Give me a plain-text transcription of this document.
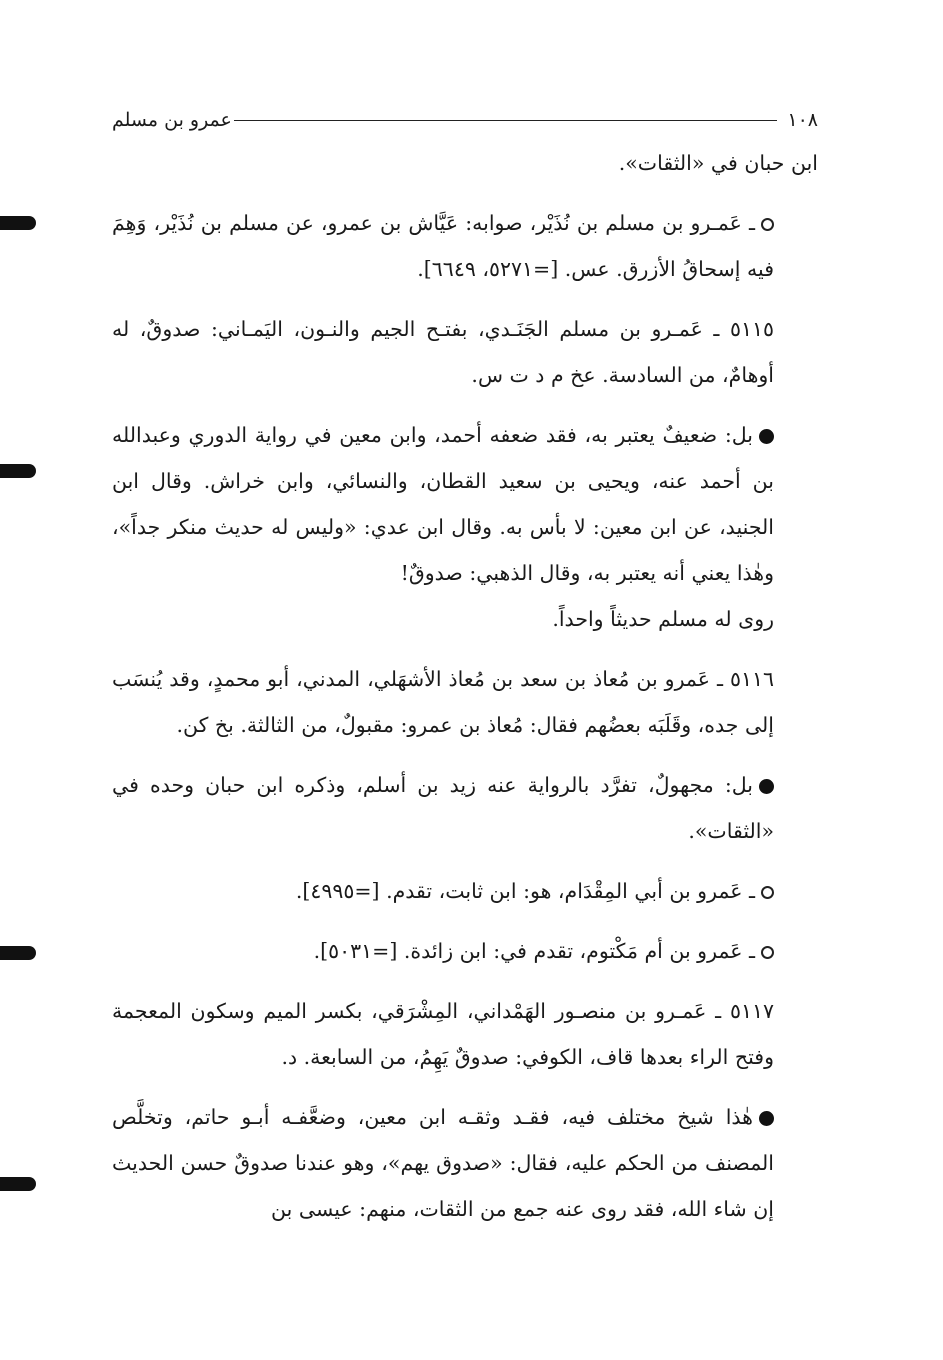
١٠٨
عمرو بن مسلم

ابن حبان في «الثقات».

ـ عَمـرو بن مسلم بن نُذَيْر، صوابه: عَيَّاش بن عمرو، عن مسلم بن نُذَيْر، وَهِمَ فيه إسحاقُ الأزرق. عس. [=٥٢٧١، ٦٦٤٩].

٥١١٥ ـ عَمـرو بن مسلم الجَنَـدي، بفتـح الجيم والنـون، اليَمـاني: صدوقٌ، له أوهامٌ، من السادسة. عخ م د ت س.

بل: ضعيفٌ يعتبر به، فقد ضعفه أحمد، وابن معين في رواية الدوري وعبدالله بن أحمد عنه، ويحيى بن سعيد القطان، والنسائي، وابن خراش. وقال ابن الجنيد، عن ابن معين: لا بأس به. وقال ابن عدي: «وليس له حديث منكر جداً»، وهٰذا يعني أنه يعتبر به، وقال الذهبي: صدوقٌ!

روى له مسلم حديثاً واحداً.

٥١١٦ ـ عَمرو بن مُعاذ بن سعد بن مُعاذ الأشهَلي، المدني، أبو محمدٍ، وقد يُنسَب إلى جده، وقَلَبَه بعضُهم فقال: مُعاذ بن عمرو: مقبولٌ، من الثالثة. بخ كن.

بل: مجهولٌ، تفرَّد بالرواية عنه زيد بن أسلم، وذكره ابن حبان وحده في «الثقات».

ـ عَمرو بن أبي المِقْدَام، هو: ابن ثابت، تقدم. [=٤٩٩٥].

ـ عَمرو بن أم مَكْتوم، تقدم في: ابن زائدة. [=٥٠٣١].

٥١١٧ ـ عَمـرو بن منصـور الهَمْداني، المِشْرَقي، بكسر الميم وسكون المعجمة وفتح الراء بعدها قاف، الكوفي: صدوقٌ يَهِمُ، من السابعة. د.

هٰذا شيخ مختلف فيه، فقـد وثقـه ابن معين، وضعَّفـه أبـو حاتم، وتخلَّص المصنف من الحكم عليه، فقال: «صدوق يهم»، وهو عندنا صدوقٌ حسن الحديث إن شاء الله، فقد روى عنه جمع من الثقات، منهم: عيسى بن
